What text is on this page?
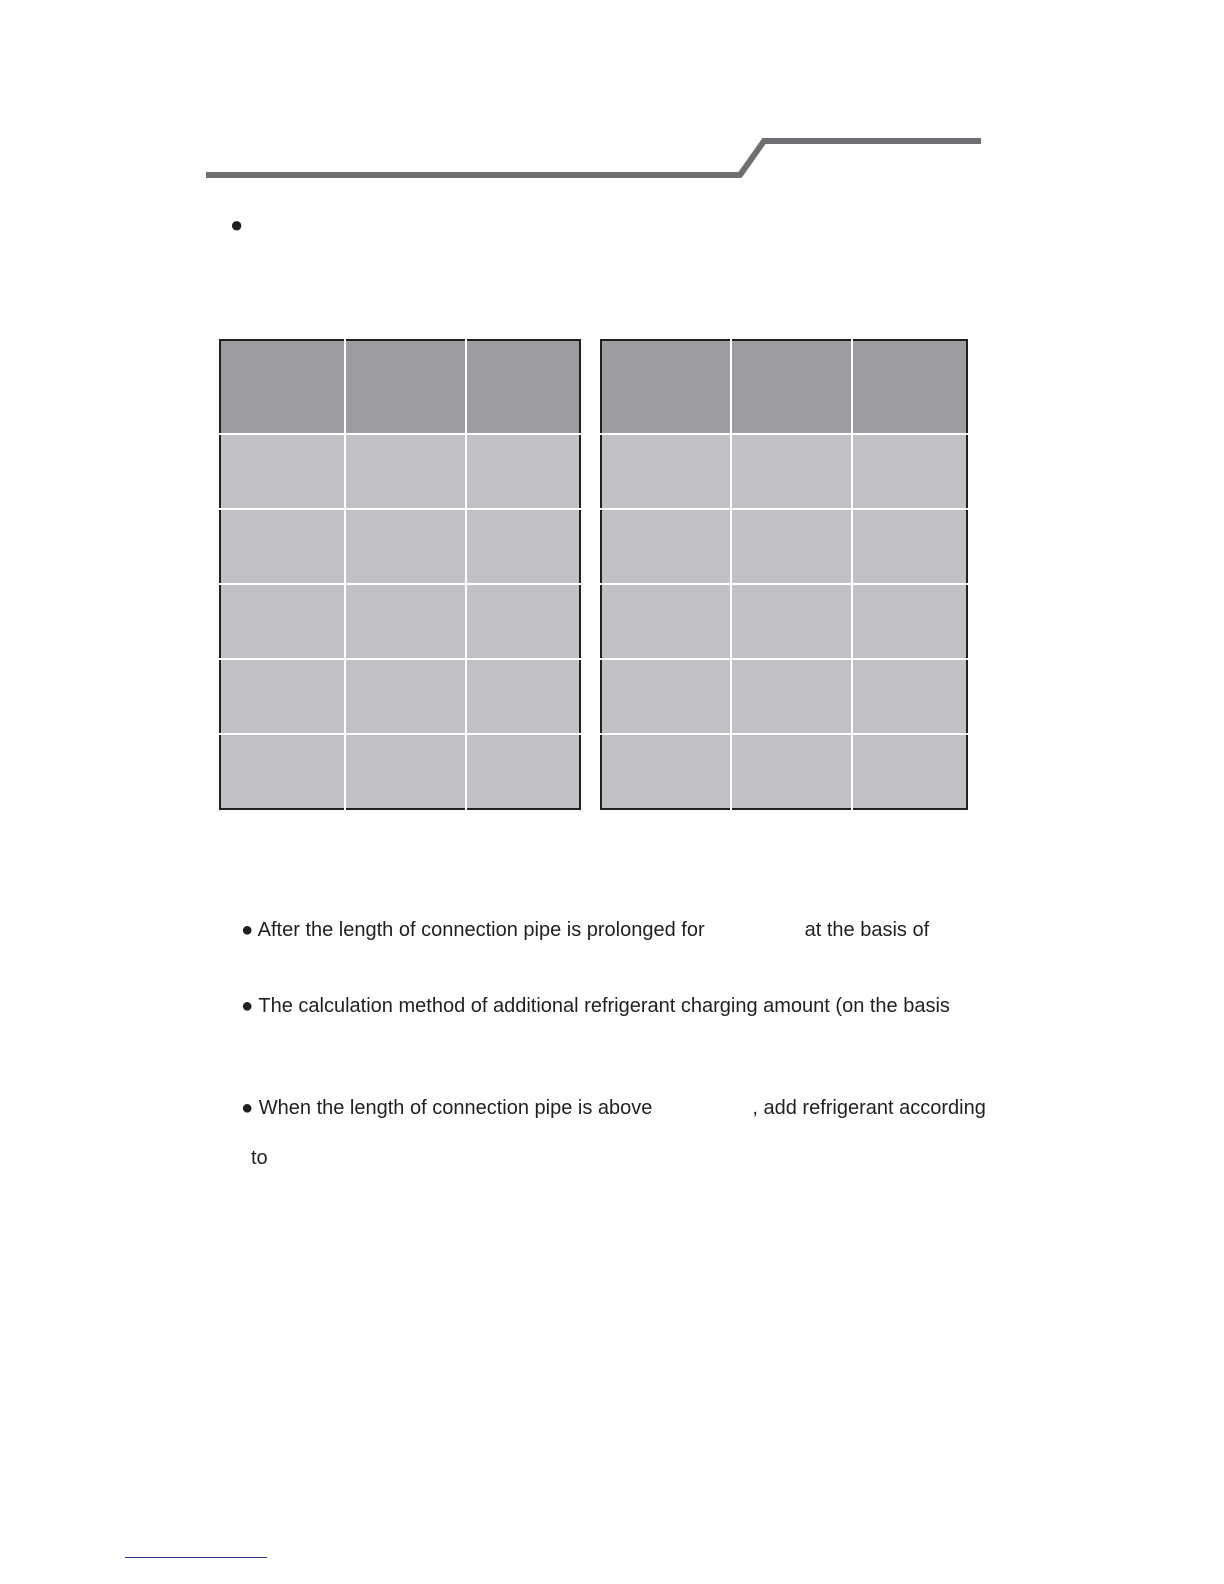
●

● After the length of connection pipe is prolonged for                  at the basis of

● The calculation method of additional refrigerant charging amount (on the basis

● When the length of connection pipe is above                  , add refrigerant according

to
